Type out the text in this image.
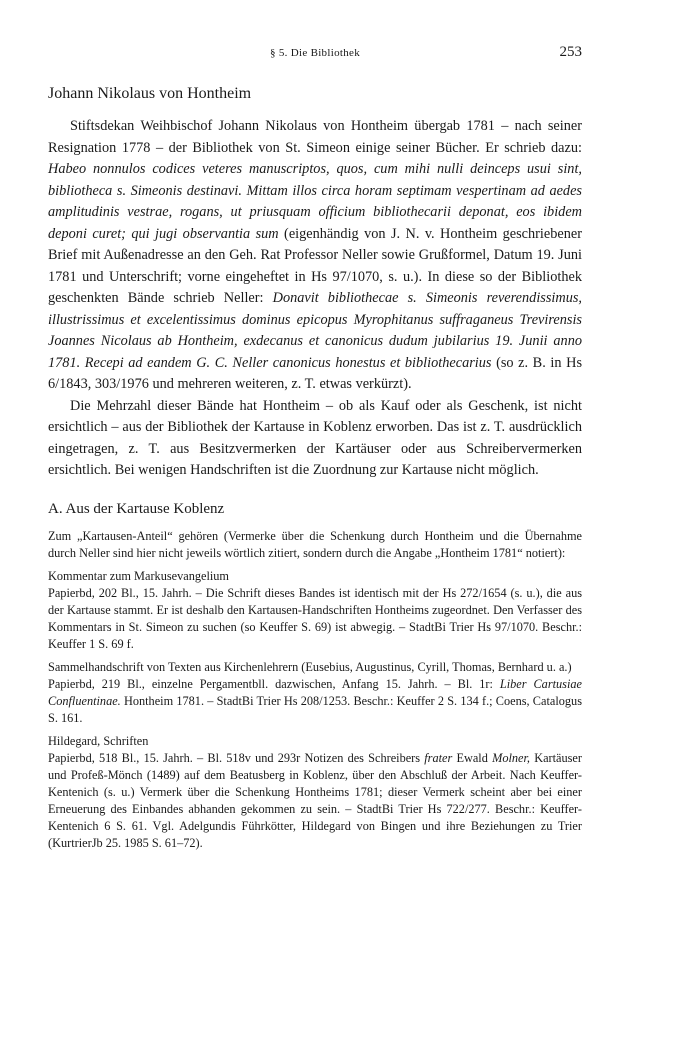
§ 5. Die Bibliothek	253
Johann Nikolaus von Hontheim

Stiftsdekan Weihbischof Johann Nikolaus von Hontheim übergab 1781 – nach seiner Resignation 1778 – der Bibliothek von St. Simeon einige seiner Bücher. Er schrieb dazu: Habeo nonnulos codices veteres manuscriptos, quos, cum mihi nulli deinceps usui sint, bibliotheca s. Simeonis destinavi. Mittam illos circa horam septimam vespertinam ad aedes amplitudinis vestrae, rogans, ut priusquam officium bibliothecarii deponat, eos ibidem deponi curet; qui jugi observantia sum (eigenhändig von J. N. v. Hontheim geschriebener Brief mit Außenadresse an den Geh. Rat Professor Neller sowie Grußformel, Datum 19. Juni 1781 und Unterschrift; vorne eingeheftet in Hs 97/1070, s. u.). In diese so der Bibliothek geschenkten Bände schrieb Neller: Donavit bibliothecae s. Simeonis reverendissimus, illustrissimus et excelentissimus dominus epicopus Myrophitanus suffraganeus Trevirensis Joannes Nicolaus ab Hontheim, exdecanus et canonicus dudum jubilarius 19. Junii anno 1781. Recepi ad eandem G. C. Neller canonicus honestus et bibliothecarius (so z. B. in Hs 6/1843, 303/1976 und mehreren weiteren, z. T. etwas verkürzt).

Die Mehrzahl dieser Bände hat Hontheim – ob als Kauf oder als Geschenk, ist nicht ersichtlich – aus der Bibliothek der Kartause in Koblenz erworben. Das ist z. T. ausdrücklich eingetragen, z. T. aus Besitzvermerken der Kartäuser oder aus Schreibervermerken ersichtlich. Bei wenigen Handschriften ist die Zuordnung zur Kartause nicht möglich.

A. Aus der Kartause Koblenz

Zum „Kartausen-Anteil“ gehören (Vermerke über die Schenkung durch Hontheim und die Übernahme durch Neller sind hier nicht jeweils wörtlich zitiert, sondern durch die Angabe „Hontheim 1781“ notiert):

Kommentar zum Markusevangelium

Papierbd, 202 Bl., 15. Jahrh. – Die Schrift dieses Bandes ist identisch mit der Hs 272/1654 (s. u.), die aus der Kartause stammt. Er ist deshalb den Kartausen-Handschriften Hontheims zugeordnet. Den Verfasser des Kommentars in St. Simeon zu suchen (so Keuffer S. 69) ist abwegig. – StadtBi Trier Hs 97/1070. Beschr.: Keuffer 1 S. 69 f.

Sammelhandschrift von Texten aus Kirchenlehrern (Eusebius, Augustinus, Cyrill, Thomas, Bernhard u. a.)

Papierbd, 219 Bl., einzelne Pergamentbll. dazwischen, Anfang 15. Jahrh. – Bl. 1r: Liber Cartusiae Confluentinae. Hontheim 1781. – StadtBi Trier Hs 208/1253. Beschr.: Keuffer 2 S. 134 f.; Coens, Catalogus S. 161.

Hildegard, Schriften

Papierbd, 518 Bl., 15. Jahrh. – Bl. 518v und 293r Notizen des Schreibers frater Ewald Molner, Kartäuser und Profeß-Mönch (1489) auf dem Beatusberg in Koblenz, über den Abschluß der Arbeit. Nach Keuffer-Kentenich (s. u.) Vermerk über die Schenkung Hontheims 1781; dieser Vermerk scheint aber bei einer Erneuerung des Einbandes abhanden gekommen zu sein. – StadtBi Trier Hs 722/277. Beschr.: Keuffer-Kentenich 6 S. 61. Vgl. Adelgundis Führkötter, Hildegard von Bingen und ihre Beziehungen zu Trier (KurtrierJb 25. 1985 S. 61–72).
